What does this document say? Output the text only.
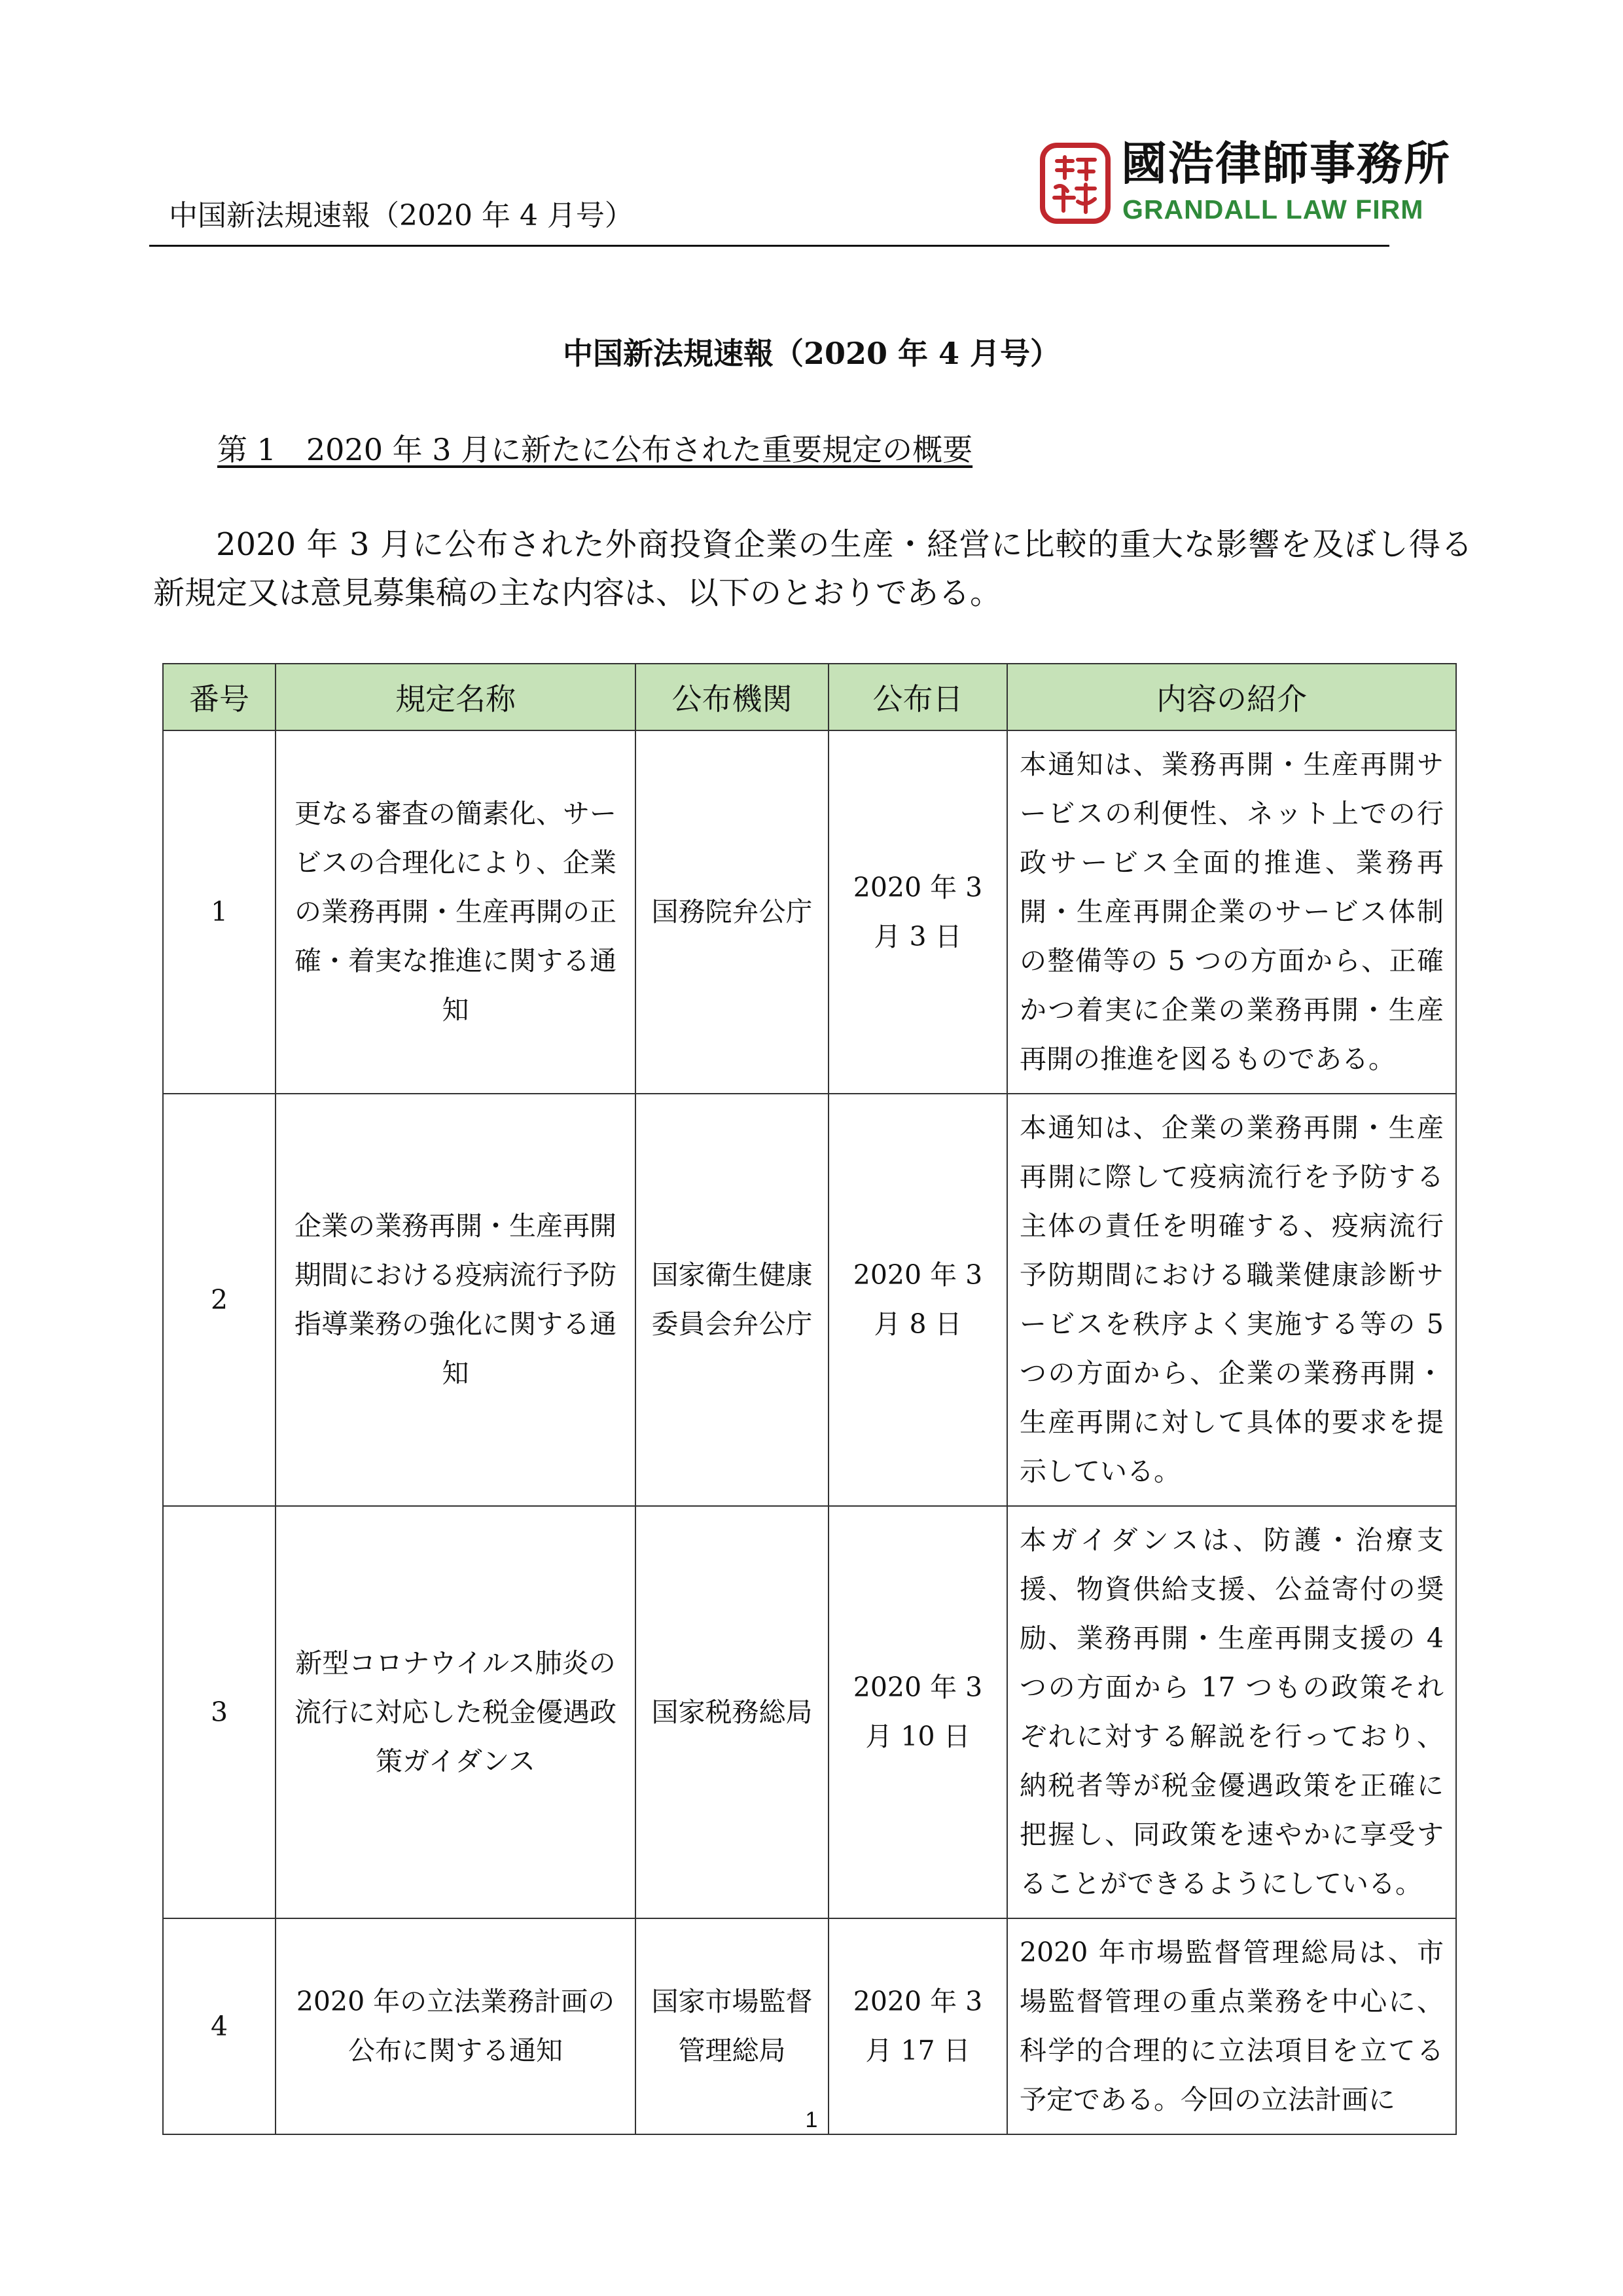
中国新法規速報（2020 年 4 月号）
國浩律師事務所
GRANDALL LAW FIRM
中国新法規速報（2020 年 4 月号）
第 1　2020 年 3 月に新たに公布された重要規定の概要

2020 年 3 月に公布された外商投資企業の生産・経営に比較的重大な影響を及ぼし得る新規定又は意見募集稿の主な内容は、以下のとおりである。

番号	規定名称	公布機関	公布日	内容の紹介
1	更なる審査の簡素化、サービスの合理化により、企業の業務再開・生産再開の正確・着実な推進に関する通知	国務院弁公庁	2020 年 3 月 3 日	本通知は、業務再開・生産再開サービスの利便性、ネット上での行政サービス全面的推進、業務再開・生産再開企業のサービス体制の整備等の 5 つの方面から、正確かつ着実に企業の業務再開・生産再開の推進を図るものである。
2	企業の業務再開・生産再開期間における疫病流行予防指導業務の強化に関する通知	国家衛生健康委員会弁公庁	2020 年 3 月 8 日	本通知は、企業の業務再開・生産再開に際して疫病流行を予防する主体の責任を明確する、疫病流行予防期間における職業健康診断サービスを秩序よく実施する等の 5 つの方面から、企業の業務再開・生産再開に対して具体的要求を提示している。
3	新型コロナウイルス肺炎の流行に対応した税金優遇政策ガイダンス	国家税務総局	2020 年 3 月 10 日	本ガイダンスは、防護・治療支援、物資供給支援、公益寄付の奨励、業務再開・生産再開支援の 4 つの方面から 17 つもの政策それぞれに対する解説を行っており、納税者等が税金優遇政策を正確に把握し、同政策を速やかに享受することができるようにしている。
4	2020 年の立法業務計画の公布に関する通知	国家市場監督管理総局	2020 年 3 月 17 日	2020 年市場監督管理総局は、市場監督管理の重点業務を中心に、科学的合理的に立法項目を立てる予定である。今回の立法計画に
1
